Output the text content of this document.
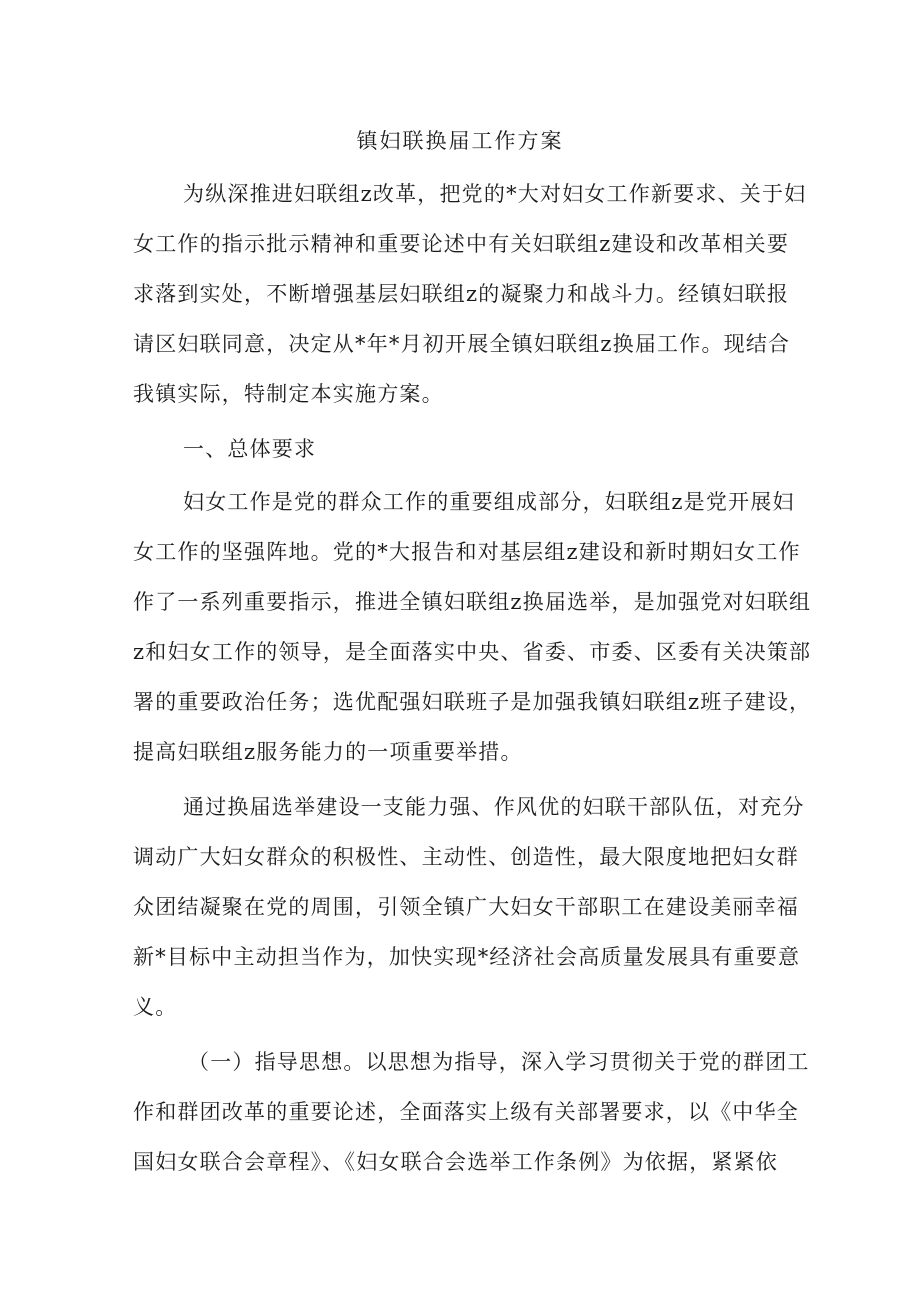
镇妇联换届工作方案
为纵深推进妇联组z改革，把党的*大对妇女工作新要求、关于妇
女工作的指示批示精神和重要论述中有关妇联组z建设和改革相关要
求落到实处，不断增强基层妇联组z的凝聚力和战斗力。经镇妇联报
请区妇联同意，决定从*年*月初开展全镇妇联组z换届工作。现结合
我镇实际，特制定本实施方案。
一、总体要求
妇女工作是党的群众工作的重要组成部分，妇联组z是党开展妇
女工作的坚强阵地。党的*大报告和对基层组z建设和新时期妇女工作
作了一系列重要指示，推进全镇妇联组z换届选举，是加强党对妇联组
z和妇女工作的领导，是全面落实中央、省委、市委、区委有关决策部
署的重要政治任务；选优配强妇联班子是加强我镇妇联组z班子建设，
提高妇联组z服务能力的一项重要举措。
通过换届选举建设一支能力强、作风优的妇联干部队伍，对充分
调动广大妇女群众的积极性、主动性、创造性，最大限度地把妇女群
众团结凝聚在党的周围，引领全镇广大妇女干部职工在建设美丽幸福
新*目标中主动担当作为，加快实现*经济社会高质量发展具有重要意
义。
（一）指导思想。以思想为指导，深入学习贯彻关于党的群团工
作和群团改革的重要论述，全面落实上级有关部署要求，以《中华全
国妇女联合会章程》、《妇女联合会选举工作条例》为依据，紧紧依
